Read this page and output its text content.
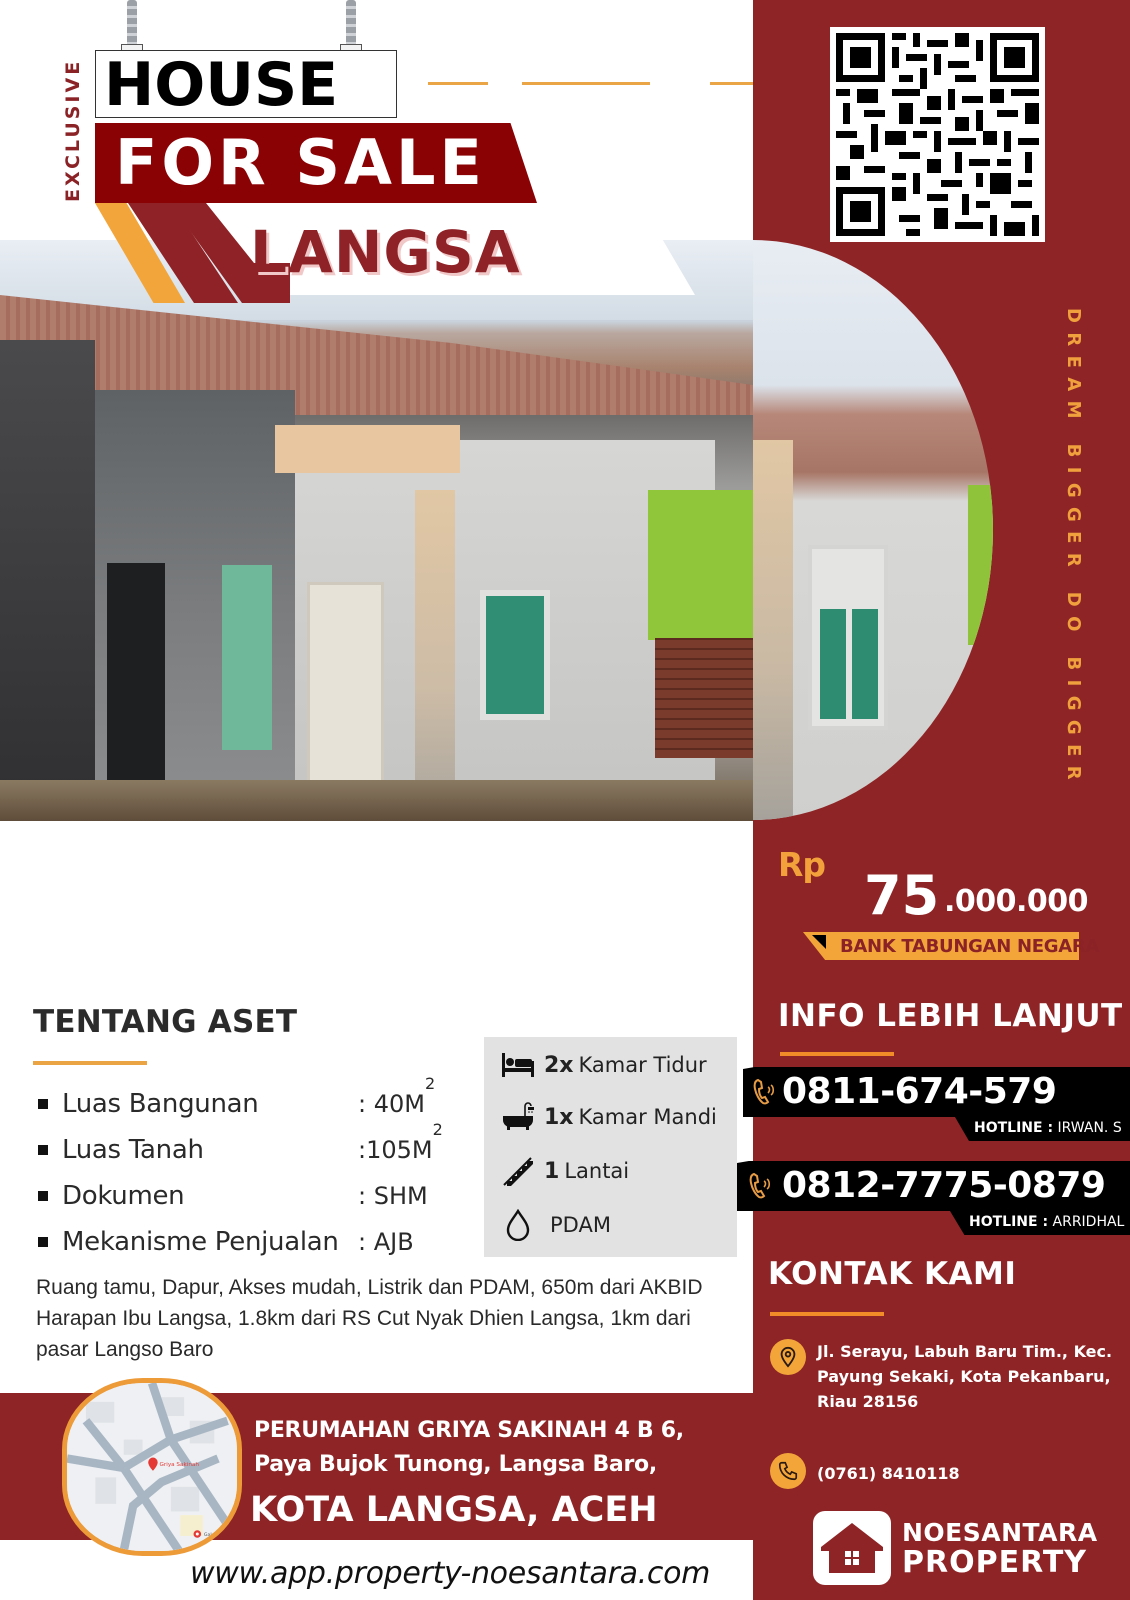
EXCLUSIVE HOUSE
FOR SALE
LANGSA
DREAM BIGGER DO BIGGER
Rp 75 .000.000
BANK TABUNGAN NEGARA
INFO LEBIH LANJUT
0811-674-579
HOTLINE : IRWAN. S
0812-7775-0879
HOTLINE : ARRIDHAL
KONTAK KAMI
Jl. Serayu, Labuh Baru Tim., Kec. Payung Sekaki, Kota Pekanbaru, Riau 28156
(0761) 8410118
NOESANTARA
PROPERTY
TENTANG ASET
Luas Bangunan	: 40M
2
Luas Tanah	:105M
2
Dokumen	: SHM
Mekanisme Penjualan : AJB
2x Kamar Tidur
1x Kamar Mandi
1 Lantai
PDAM
Ruang tamu, Dapur, Akses mudah, Listrik dan PDAM, 650m dari AKBID Harapan Ibu Langsa, 1.8km dari RS Cut Nyak Dhien Langsa, 1km dari pasar Langso Baro
Griya Sakinah
Galaxy
PERUMAHAN GRIYA SAKINAH 4 B 6,
Paya Bujok Tunong, Langsa Baro,
KOTA LANGSA, ACEH
www.app.property-noesantara.com
